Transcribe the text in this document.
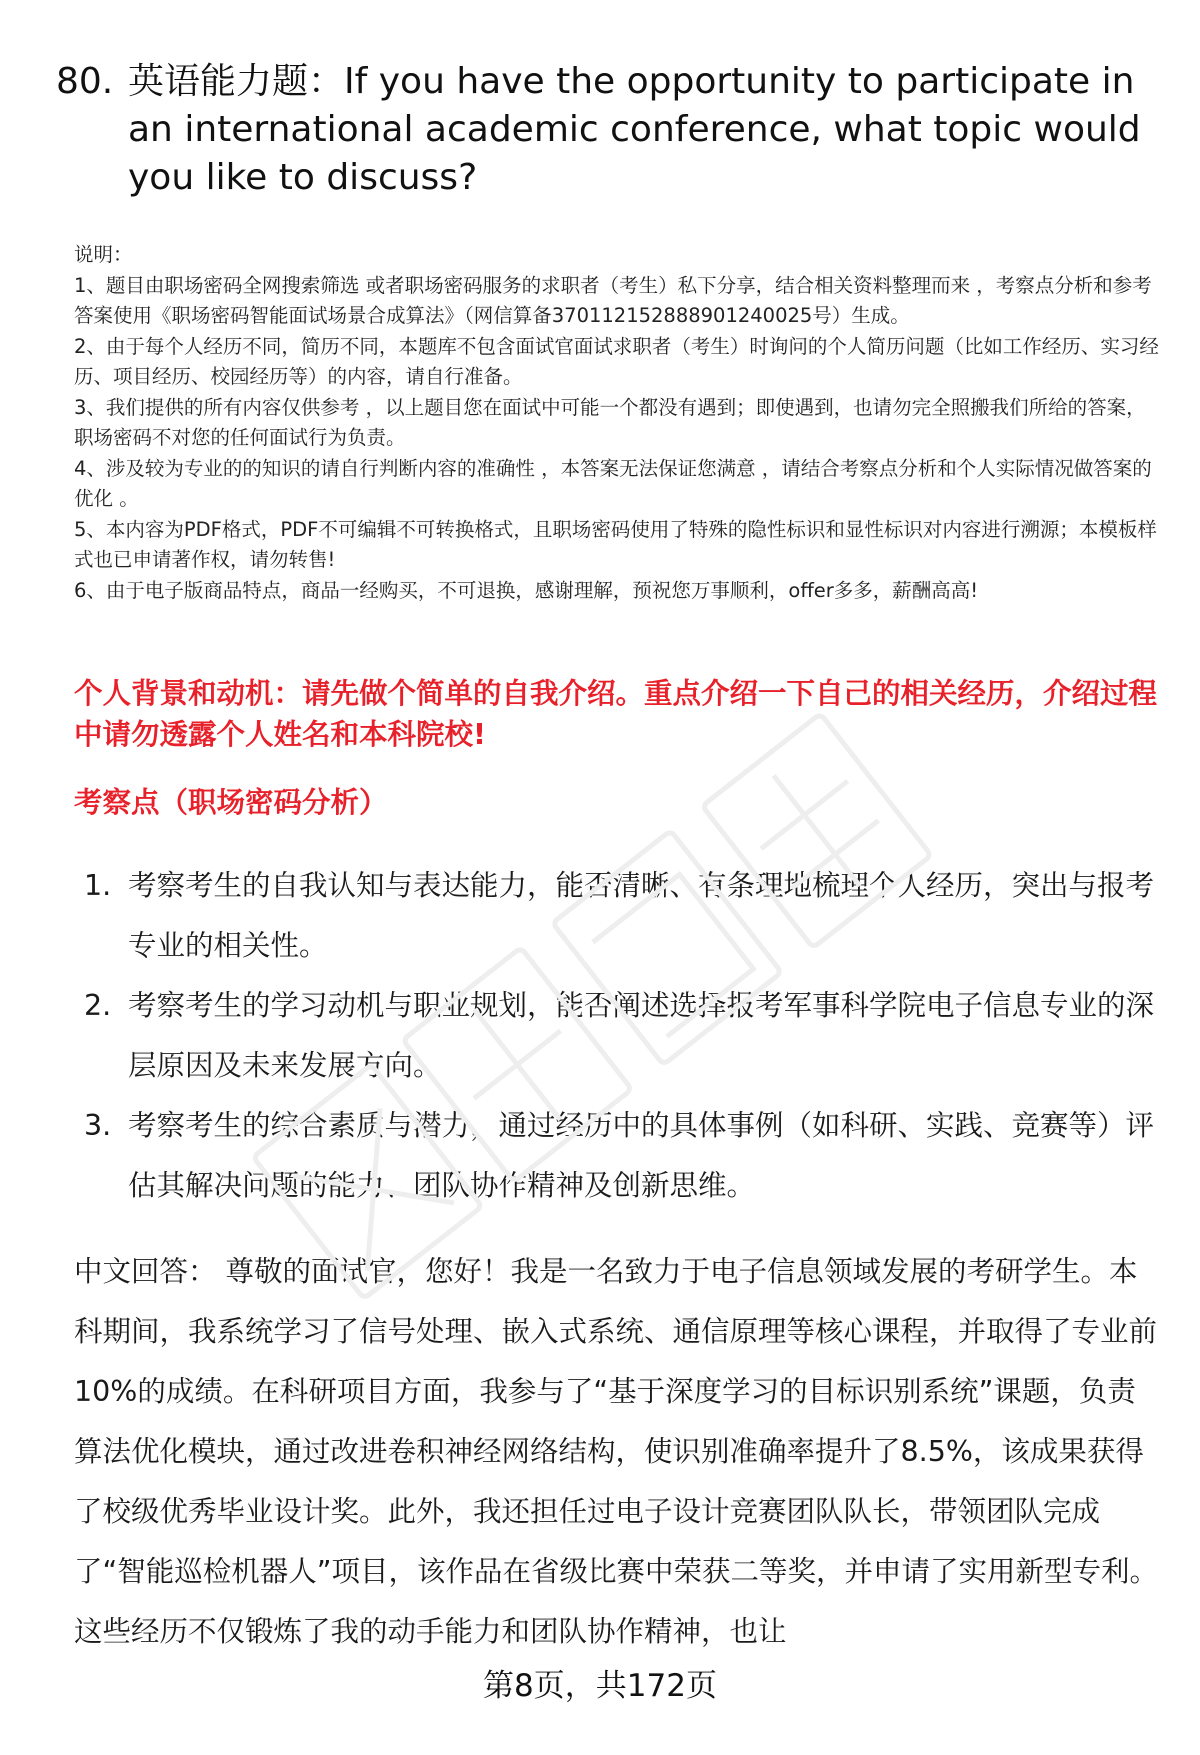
80. 英语能力题：If you have the opportunity to participate in an international academic conference, what topic would you like to discuss?
说明：
1、题目由职场密码全网搜索筛选 或者职场密码服务的求职者（考生）私下分享，结合相关资料整理而来 ，考察点分析和参考答案使用《职场密码智能面试场景合成算法》（网信算备370112152888901240025号）生成。
2、由于每个人经历不同，简历不同，本题库不包含面试官面试求职者（考生）时询问的个人简历问题（比如工作经历、实习经历、项目经历、校园经历等）的内容，请自行准备。
3、我们提供的所有内容仅供参考 ，以上题目您在面试中可能一个都没有遇到；即使遇到，也请勿完全照搬我们所给的答案，职场密码不对您的任何面试行为负责。
4、涉及较为专业的的知识的请自行判断内容的准确性 ，本答案无法保证您满意 ，请结合考察点分析和个人实际情况做答案的优化 。
5、本内容为PDF格式，PDF不可编辑不可转换格式，且职场密码使用了特殊的隐性标识和显性标识对内容进行溯源；本模板样式也已申请著作权，请勿转售!
6、由于电子版商品特点，商品一经购买，不可退换，感谢理解，预祝您万事顺利，offer多多，薪酬高高!
个人背景和动机：请先做个简单的自我介绍。重点介绍一下自己的相关经历，介绍过程中请勿透露个人姓名和本科院校!
考察点（职场密码分析）
1. 考察考生的自我认知与表达能力，能否清晰、有条理地梳理个人经历，突出与报考专业的相关性。
2. 考察考生的学习动机与职业规划，能否阐述选择报考军事科学院电子信息专业的深层原因及未来发展方向。
3. 考察考生的综合素质与潜力，通过经历中的具体事例（如科研、实践、竞赛等）评估其解决问题的能力、团队协作精神及创新思维。

中文回答： 尊敬的面试官，您好！我是一名致力于电子信息领域发展的考研学生。本科期间，我系统学习了信号处理、嵌入式系统、通信原理等核心课程，并取得了专业前10%的成绩。在科研项目方面，我参与了“基于深度学习的目标识别系统”课题，负责算法优化模块，通过改进卷积神经网络结构，使识别准确率提升了8.5%，该成果获得了校级优秀毕业设计奖。此外，我还担任过电子设计竞赛团队队长，带领团队完成了“智能巡检机器人”项目，该作品在省级比赛中荣获二等奖，并申请了实用新型专利。这些经历不仅锻炼了我的动手能力和团队协作精神，也让

第8页，共172页
